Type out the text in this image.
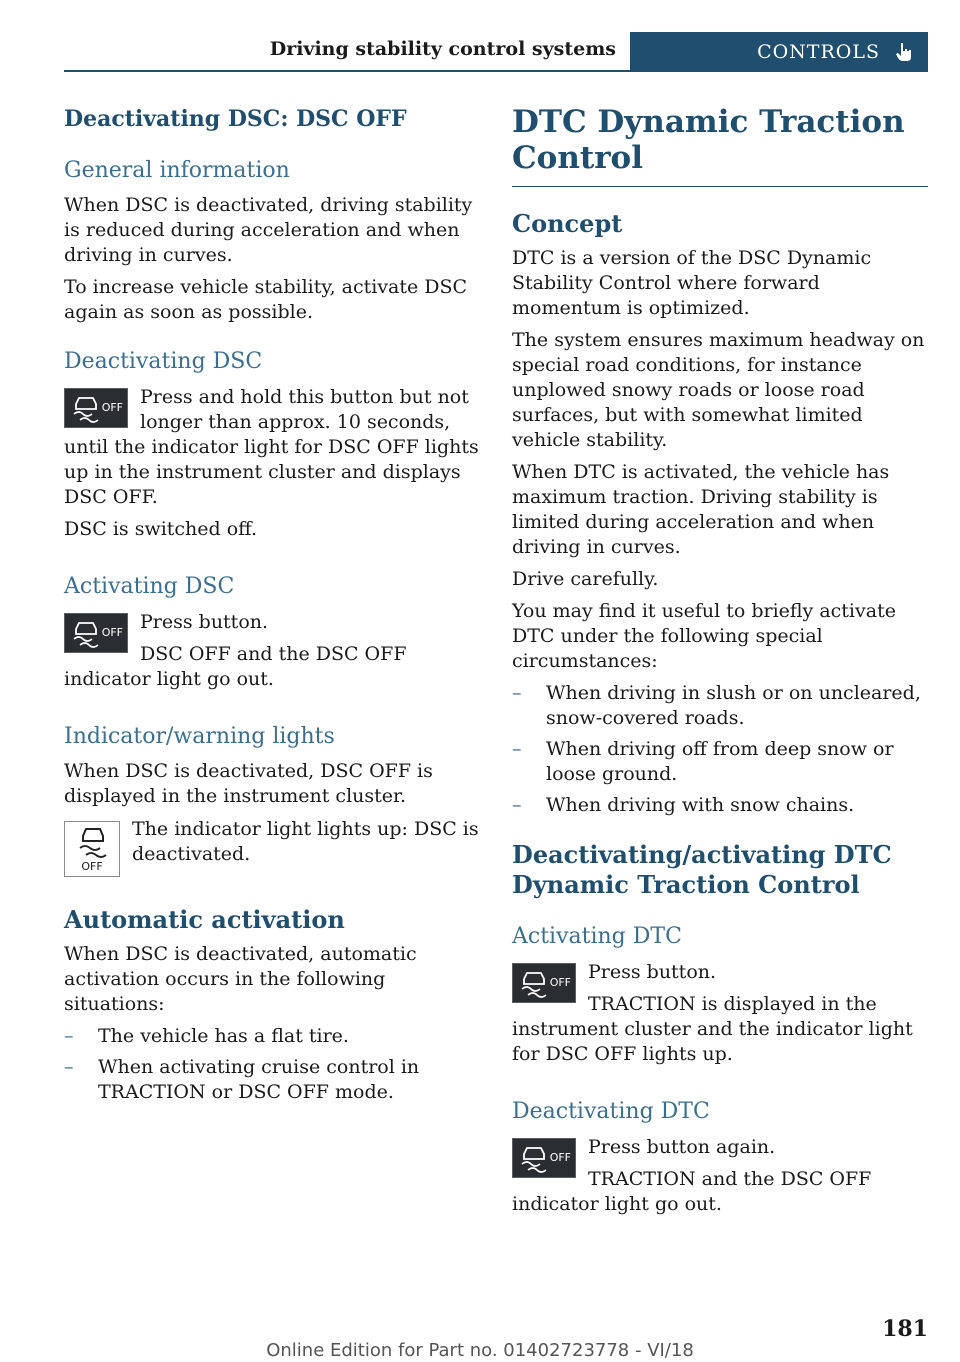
Driving stability control systems	CONTROLS
Deactivating DSC: DSC OFF
General information

When DSC is deactivated, driving stability is reduced during acceleration and when driving in curves.

To increase vehicle stability, activate DSC again as soon as possible.

Deactivating DSC
OFF Press and hold this button but not longer than approx. 10 seconds, until the indicator light for DSC OFF lights up in the instrument cluster and displays DSC OFF.

DSC is switched off.

Activating DSC
OFF Press button.

DSC OFF and the DSC OFF indicator light go out.

Indicator/warning lights

When DSC is deactivated, DSC OFF is displayed in the instrument cluster.

OFF

The indicator light lights up: DSC is deactivated.

Automatic activation

When DSC is deactivated, automatic activation occurs in the following situations:

– The vehicle has a flat tire.
– When activating cruise control in TRACTION or DSC OFF mode.
DTC Dynamic Traction Control
Concept

DTC is a version of the DSC Dynamic Stability Control where forward momentum is optimized.

The system ensures maximum headway on special road conditions, for instance unplowed snowy roads or loose road surfaces, but with somewhat limited vehicle stability.

When DTC is activated, the vehicle has maximum traction. Driving stability is limited during acceleration and when driving in curves.

Drive carefully.

You may find it useful to briefly activate DTC under the following special circumstances:

– When driving in slush or on uncleared, snow-covered roads.
– When driving off from deep snow or loose ground.
– When driving with snow chains.
Deactivating/activating DTC Dynamic Traction Control
Activating DTC
OFF Press button.

TRACTION is displayed in the instrument cluster and the indicator light for DSC OFF lights up.

Deactivating DTC
OFF Press button again.

TRACTION and the DSC OFF indicator light go out.

181
Online Edition for Part no. 01402723778 - VI/18
